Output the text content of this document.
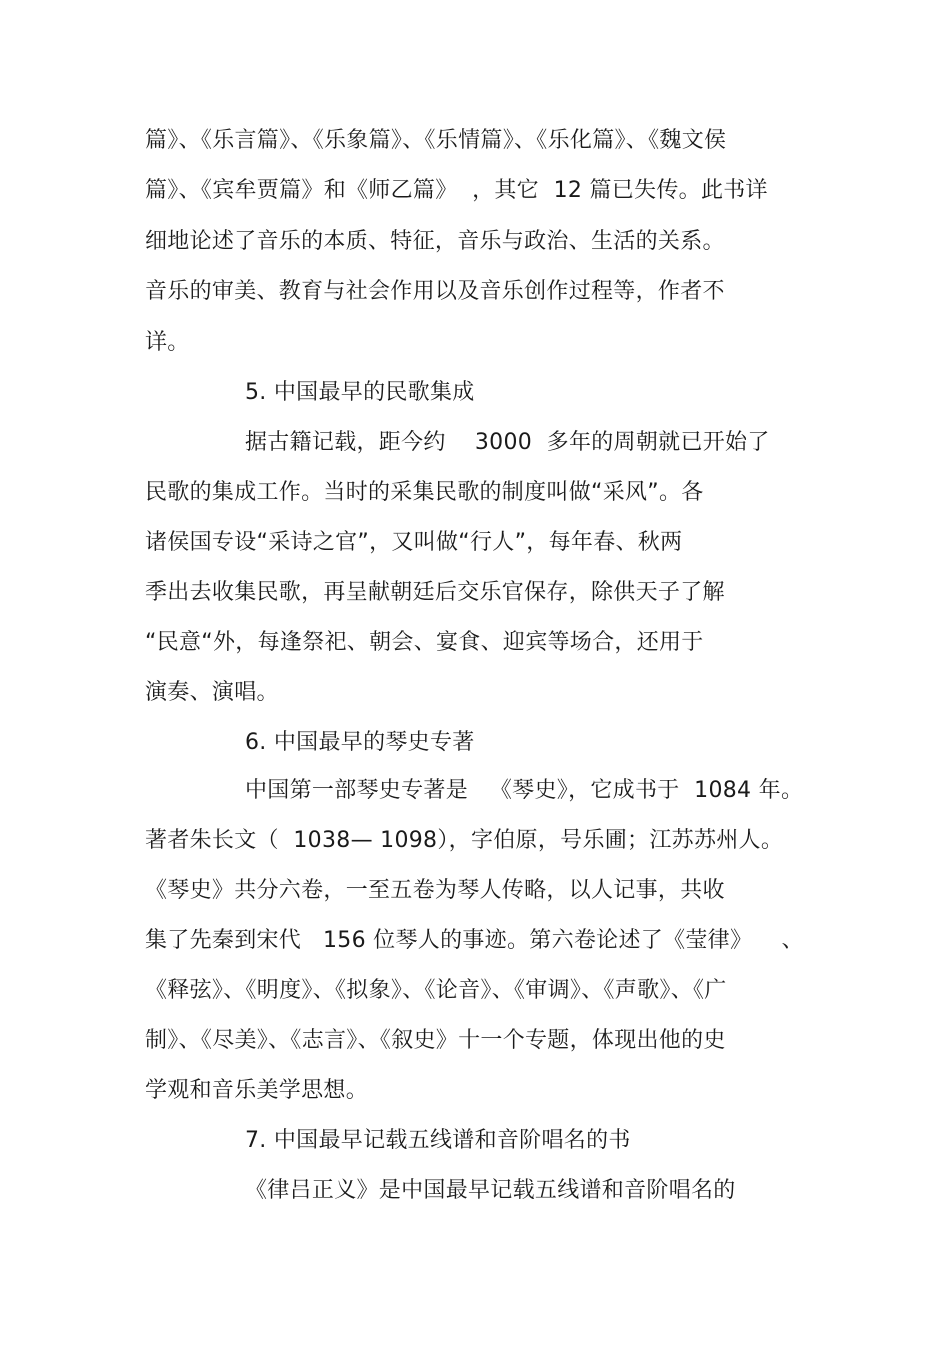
篇》、《乐言篇》、《乐象篇》、《乐情篇》、《乐化篇》、《魏文侯
篇》、《宾牟贾篇》和《师乙篇》  ，其它  12 篇已失传。此书详
细地论述了音乐的本质、特征，音乐与政治、生活的关系。
音乐的审美、教育与社会作用以及音乐创作过程等，作者不
详。
5. 中国最早的民歌集成
据古籍记载，距今约    3000  多年的周朝就已开始了
民歌的集成工作。当时的采集民歌的制度叫做“采风”。各
诸侯国专设“采诗之官”，又叫做“行人”，每年春、秋两
季出去收集民歌，再呈献朝廷后交乐官保存，除供天子了解
“民意“外，每逢祭祀、朝会、宴食、迎宾等场合，还用于
演奏、演唱。
6. 中国最早的琴史专著
中国第一部琴史专著是   《琴史》，它成书于  1084 年。
著者朱长文（  1038— 1098），字伯原，号乐圃；江苏苏州人。
《琴史》共分六卷，一至五卷为琴人传略，以人记事，共收
集了先秦到宋代   156 位琴人的事迹。第六卷论述了《莹律》    、
《释弦》、《明度》、《拟象》、《论音》、《审调》、《声歌》、《广
制》、《尽美》、《志言》、《叙史》十一个专题，体现出他的史
学观和音乐美学思想。
7. 中国最早记载五线谱和音阶唱名的书
《律吕正义》是中国最早记载五线谱和音阶唱名的
